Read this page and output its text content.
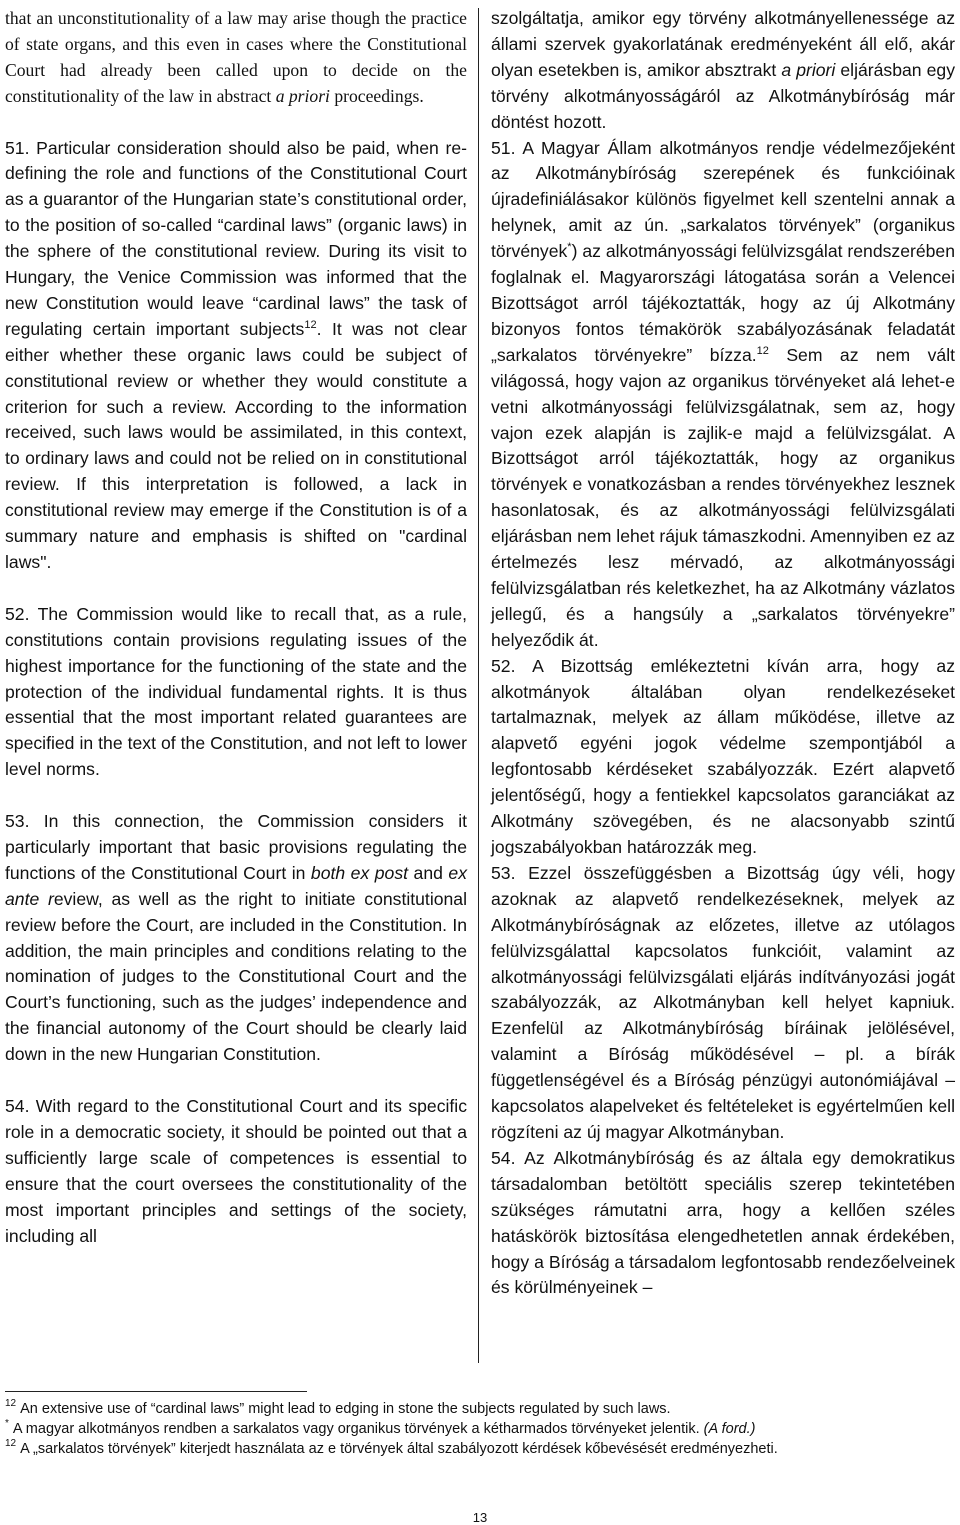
that an unconstitutionality of a law may arise though the practice of state organs, and this even in cases where the Constitutional Court had already been called upon to decide on the constitutionality of the law in abstract a priori proceedings.

51. Particular consideration should also be paid, when re-defining the role and functions of the Constitutional Court as a guarantor of the Hungarian state’s constitutional order, to the position of so-called “cardinal laws” (organic laws) in the sphere of the constitutional review. During its visit to Hungary, the Venice Commission was informed that the new Constitution would leave “cardinal laws” the task of regulating certain important subjects$^{12}$. It was not clear either whether these organic laws could be subject of constitutional review or whether they would constitute a criterion for such a review. According to the information received, such laws would be assimilated, in this context, to ordinary laws and could not be relied on in constitutional review. If this interpretation is followed, a lack in constitutional review may emerge if the Constitution is of a summary nature and emphasis is shifted on "cardinal laws".

52. The Commission would like to recall that, as a rule, constitutions contain provisions regulating issues of the highest importance for the functioning of the state and the protection of the individual fundamental rights. It is thus essential that the most important related guarantees are specified in the text of the Constitution, and not left to lower level norms.

53. In this connection, the Commission considers it particularly important that basic provisions regulating the functions of the Constitutional Court in both ex post and ex ante review, as well as the right to initiate constitutional review before the Court, are included in the Constitution. In addition, the main principles and conditions relating to the nomination of judges to the Constitutional Court and the Court’s functioning, such as the judges’ independence and the financial autonomy of the Court should be clearly laid down in the new Hungarian Constitution.

54. With regard to the Constitutional Court and its specific role in a democratic society, it should be pointed out that a sufficiently large scale of competences is essential to ensure that the court oversees the constitutionality of the most important principles and settings of the society, including all

szolgáltatja, amikor egy törvény alkotmányellenessége az állami szervek gyakorlatának eredményeként áll elő, akár olyan esetekben is, amikor absztrakt a priori eljárásban egy törvény alkotmányosságáról az Alkotmánybíróság már döntést hozott.

51. A Magyar Állam alkotmányos rendje védelmezőjeként az Alkotmánybíróság szerepének és funkcióinak újradefiniálásakor különös figyelmet kell szentelni annak a helynek, amit az ún. „sarkalatos törvények” (organikus törvények*) az alkotmányossági felülvizsgálat rendszerében foglalnak el. Magyarországi látogatása során a Velencei Bizottságot arról tájékoztatták, hogy az új Alkotmány bizonyos fontos témakörök szabályozásának feladatát „sarkalatos törvényekre” bízza.$^{12}$ Sem az nem vált világossá, hogy vajon az organikus törvényeket alá lehet-e vetni alkotmányossági felülvizsgálatnak, sem az, hogy vajon ezek alapján is zajlik-e majd a felülvizsgálat. A Bizottságot arról tájékoztatták, hogy az organikus törvények e vonatkozásban a rendes törvényekhez lesznek hasonlatosak, és az alkotmányossági felülvizsgálati eljárásban nem lehet rájuk támaszkodni. Amennyiben ez az értelmezés lesz mérvadó, az alkotmányossági felülvizsgálatban rés keletkezhet, ha az Alkotmány vázlatos jellegű, és a hangsúly a „sarkalatos törvényekre” helyeződik át.

52. A Bizottság emlékeztetni kíván arra, hogy az alkotmányok általában olyan rendelkezéseket tartalmaznak, melyek az állam működése, illetve az alapvető egyéni jogok védelme szempontjából a legfontosabb kérdéseket szabályozzák. Ezért alapvető jelentőségű, hogy a fentiekkel kapcsolatos garanciákat az Alkotmány szövegében, és ne alacsonyabb szintű jogszabályokban határozzák meg.

53. Ezzel összefüggésben a Bizottság úgy véli, hogy azoknak az alapvető rendelkezéseknek, melyek az Alkotmánybíróságnak az előzetes, illetve az utólagos felülvizsgálattal kapcsolatos funkcióit, valamint az alkotmányossági felülvizsgálati eljárás indítványozási jogát szabályozzák, az Alkotmányban kell helyet kapniuk. Ezenfelül az Alkotmánybíróság bíráinak jelölésével, valamint a Bíróság működésével – pl. a bírák függetlenségével és a Bíróság pénzügyi autonómiájával – kapcsolatos alapelveket és feltételeket is egyértelműen kell rögzíteni az új magyar Alkotmányban.

54. Az Alkotmánybíróság és az általa egy demokratikus társadalomban betöltött speciális szerep tekintetében szükséges rámutatni arra, hogy a kellően széles hatáskörök biztosítása elengedhetetlen annak érdekében, hogy a Bíróság a társadalom legfontosabb rendezőelveinek és körülményeinek –

$^{12}$ An extensive use of “cardinal laws” might lead to edging in stone the subjects regulated by such laws.
* A magyar alkotmányos rendben a sarkalatos vagy organikus törvények a kétharmados törvényeket jelentik. (A ford.)
$^{12}$ A „sarkalatos törvények” kiterjedt használata az e törvények által szabályozott kérdések kőbevésését eredményezheti.
13
